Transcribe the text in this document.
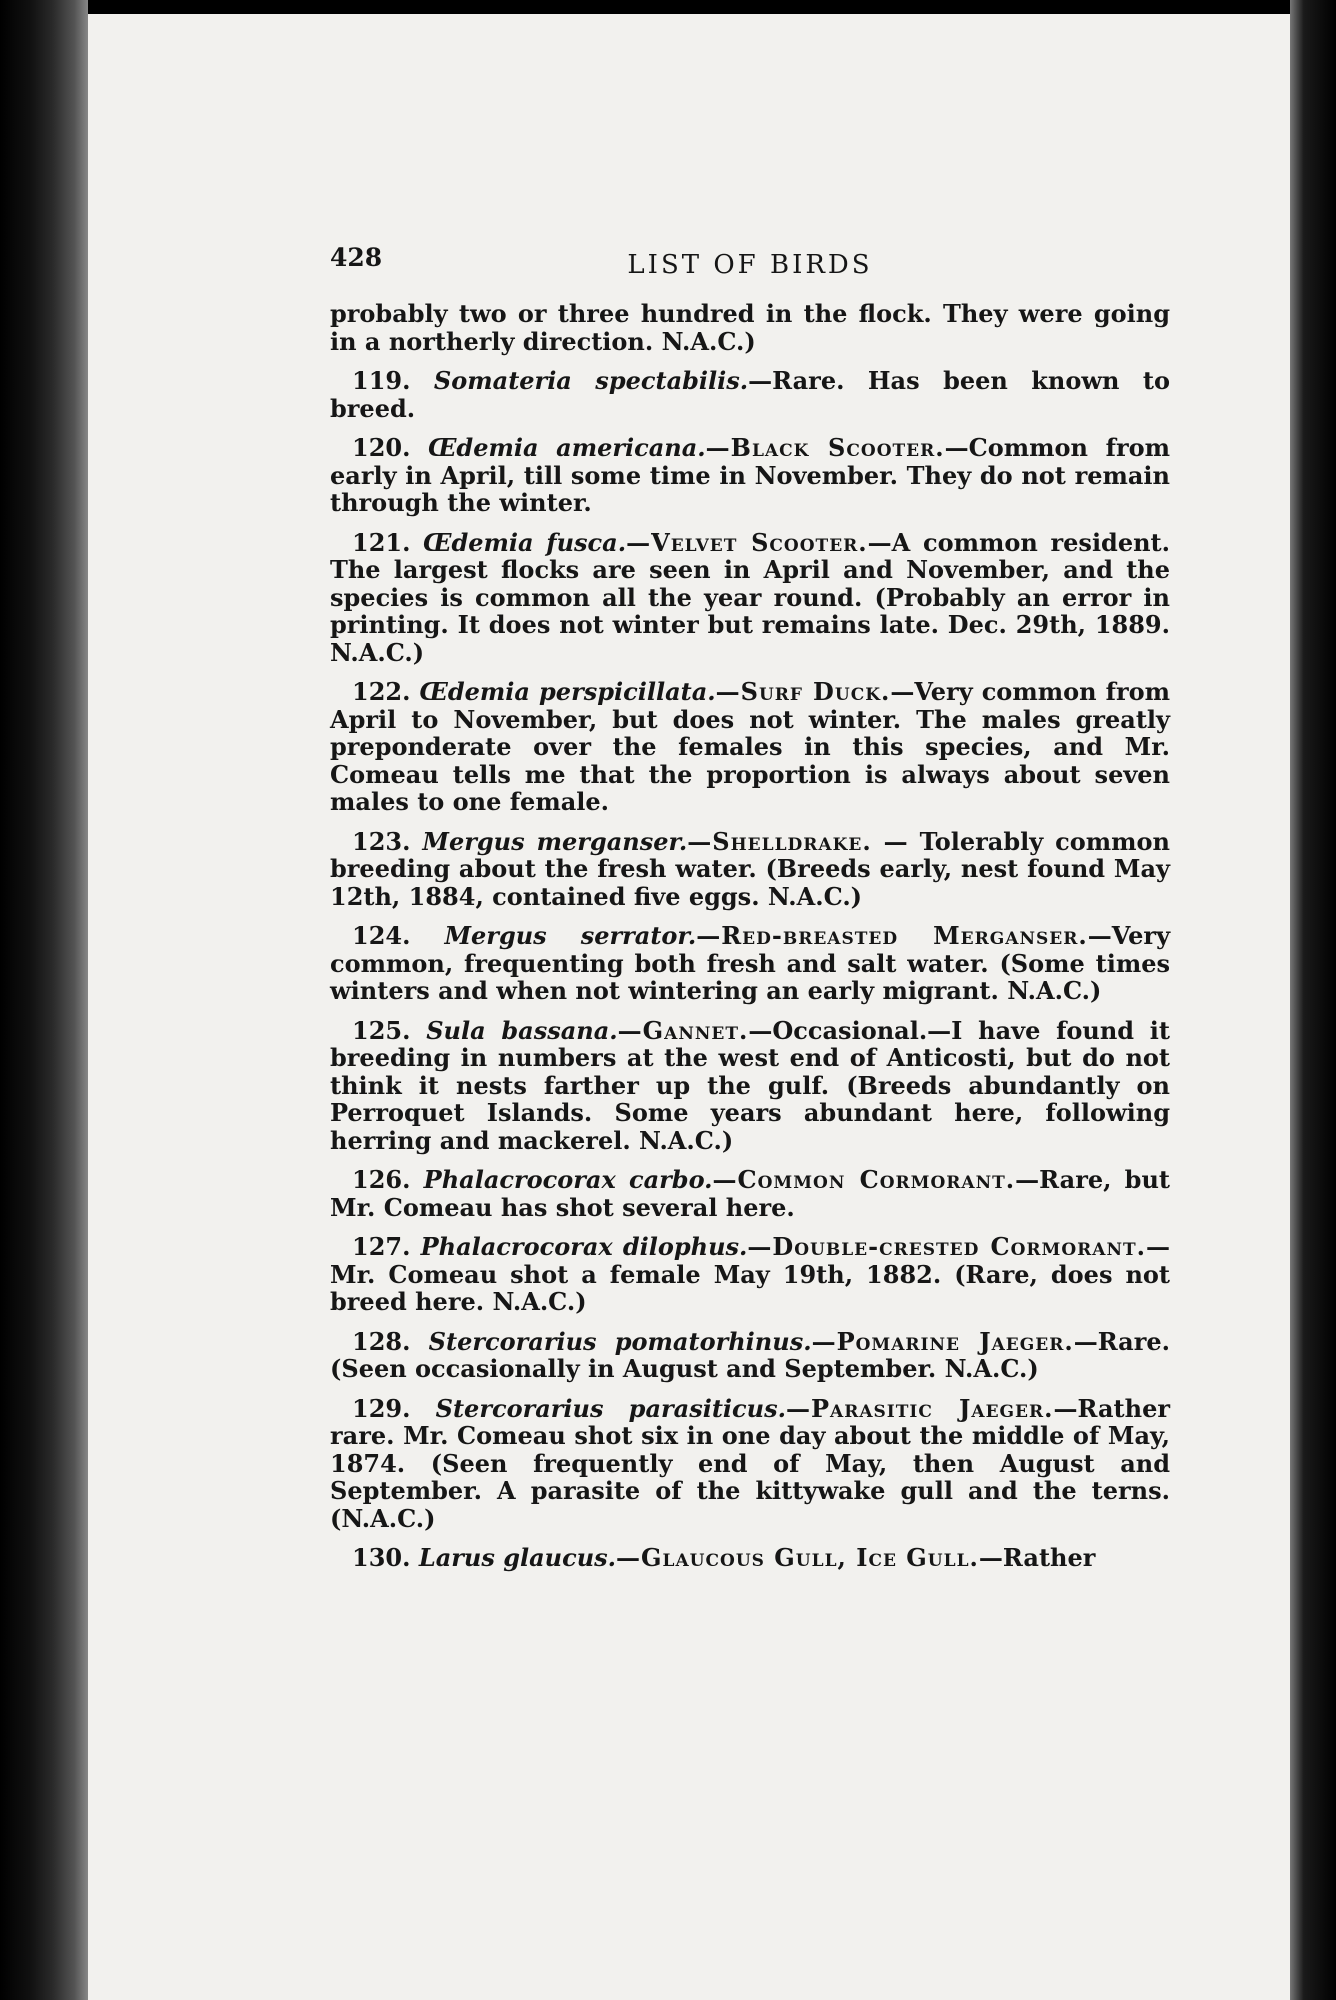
428	LIST OF BIRDS

probably two or three hundred in the flock. They were going in a northerly direction. N.A.C.)

119. Somateria spectabilis.—Rare. Has been known to breed.

120. Œdemia americana.—Black Scooter.—Common from early in April, till some time in November. They do not remain through the winter.

121. Œdemia fusca.—Velvet Scooter.—A common resident. The largest flocks are seen in April and November, and the species is common all the year round. (Probably an error in printing. It does not winter but remains late. Dec. 29th, 1889. N.A.C.)

122. Œdemia perspicillata.—Surf Duck.—Very common from April to November, but does not winter. The males greatly preponderate over the females in this species, and Mr. Comeau tells me that the proportion is always about seven males to one female.

123. Mergus merganser.—Shelldrake. — Tolerably common breeding about the fresh water. (Breeds early, nest found May 12th, 1884, contained five eggs. N.A.C.)

124. Mergus serrator.—Red-breasted Merganser.—Very common, frequenting both fresh and salt water. (Some times winters and when not wintering an early migrant. N.A.C.)

125. Sula bassana.—Gannet.—Occasional.—I have found it breeding in numbers at the west end of Anticosti, but do not think it nests farther up the gulf. (Breeds abundantly on Perroquet Islands. Some years abundant here, following herring and mackerel. N.A.C.)

126. Phalacrocorax carbo.—Common Cormorant.—Rare, but Mr. Comeau has shot several here.

127. Phalacrocorax dilophus.—Double-crested Cormorant.— Mr. Comeau shot a female May 19th, 1882. (Rare, does not breed here. N.A.C.)

128. Stercorarius pomatorhinus.—Pomarine Jaeger.—Rare. (Seen occasionally in August and September. N.A.C.)

129. Stercorarius parasiticus.—Parasitic Jaeger.—Rather rare. Mr. Comeau shot six in one day about the middle of May, 1874. (Seen frequently end of May, then August and September. A parasite of the kittywake gull and the terns. (N.A.C.)

130. Larus glaucus.—Glaucous Gull, Ice Gull.—Rather
